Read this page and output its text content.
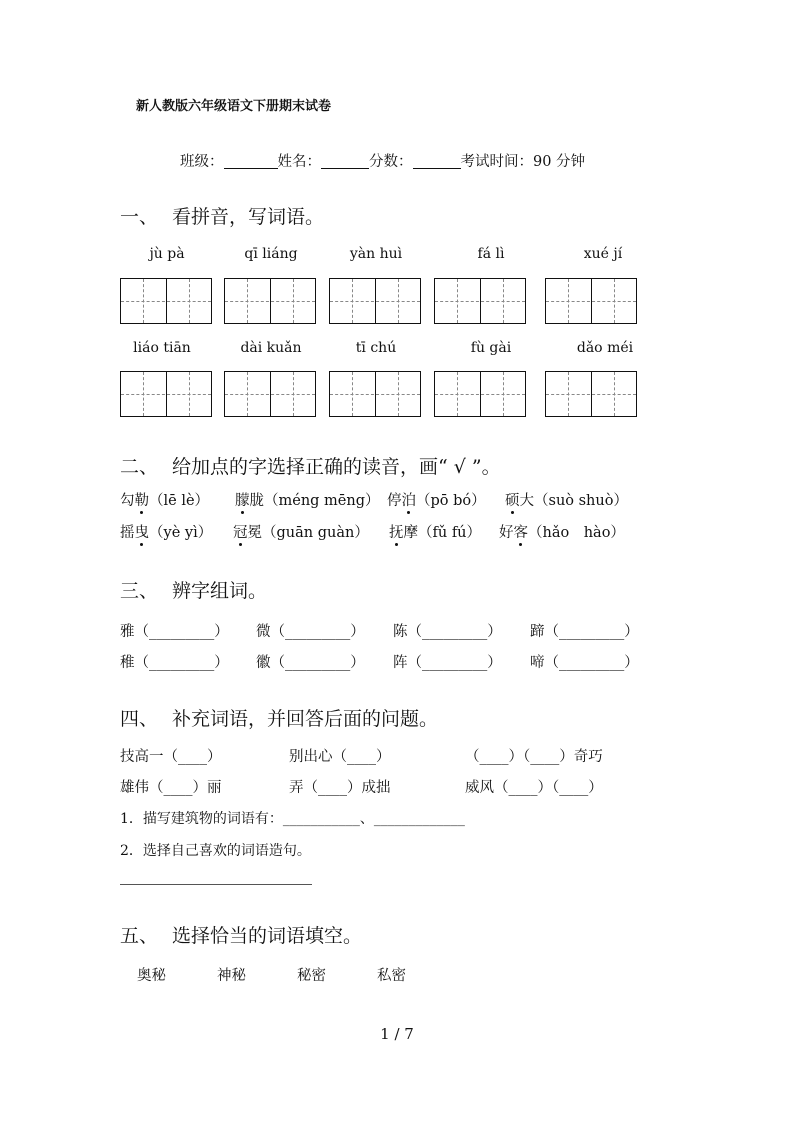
新人教版六年级语文下册期末试卷
班级：	姓名：	分数：	考试时间：90 分钟
一、 看拼音，写词语。
jù pà	qī liáng	yàn huì	fá lì	xué jí
liáo tiān	dài kuǎn	tī chú	fù gài	dǎo méi
二、 给加点的字选择正确的读音，画“ √ ”。
勾勒（lē lè） 朦胧（méng mēng） 停泊（pō bó） 硕大（suò shuò）
摇曳（yè yì） 冠冕（guān guàn） 抚摩（fǔ fú） 好客（hǎo　hào）
三、 辨字组词。
雅（_________） 微（_________） 陈（_________） 蹄（_________）
稚（_________） 徽（_________） 阵（_________） 啼（_________）
四、 补充词语，并回答后面的问题。
技高一（____）	别出心（____）	（____）（____）奇巧
雄伟（____）丽	弄（____）成拙	威风（____）（____）
1．描写建筑物的词语有：___________、_____________
2．选择自己喜欢的词语造句。
五、 选择恰当的词语填空。
奥秘	神秘	秘密	私密
1 / 7
